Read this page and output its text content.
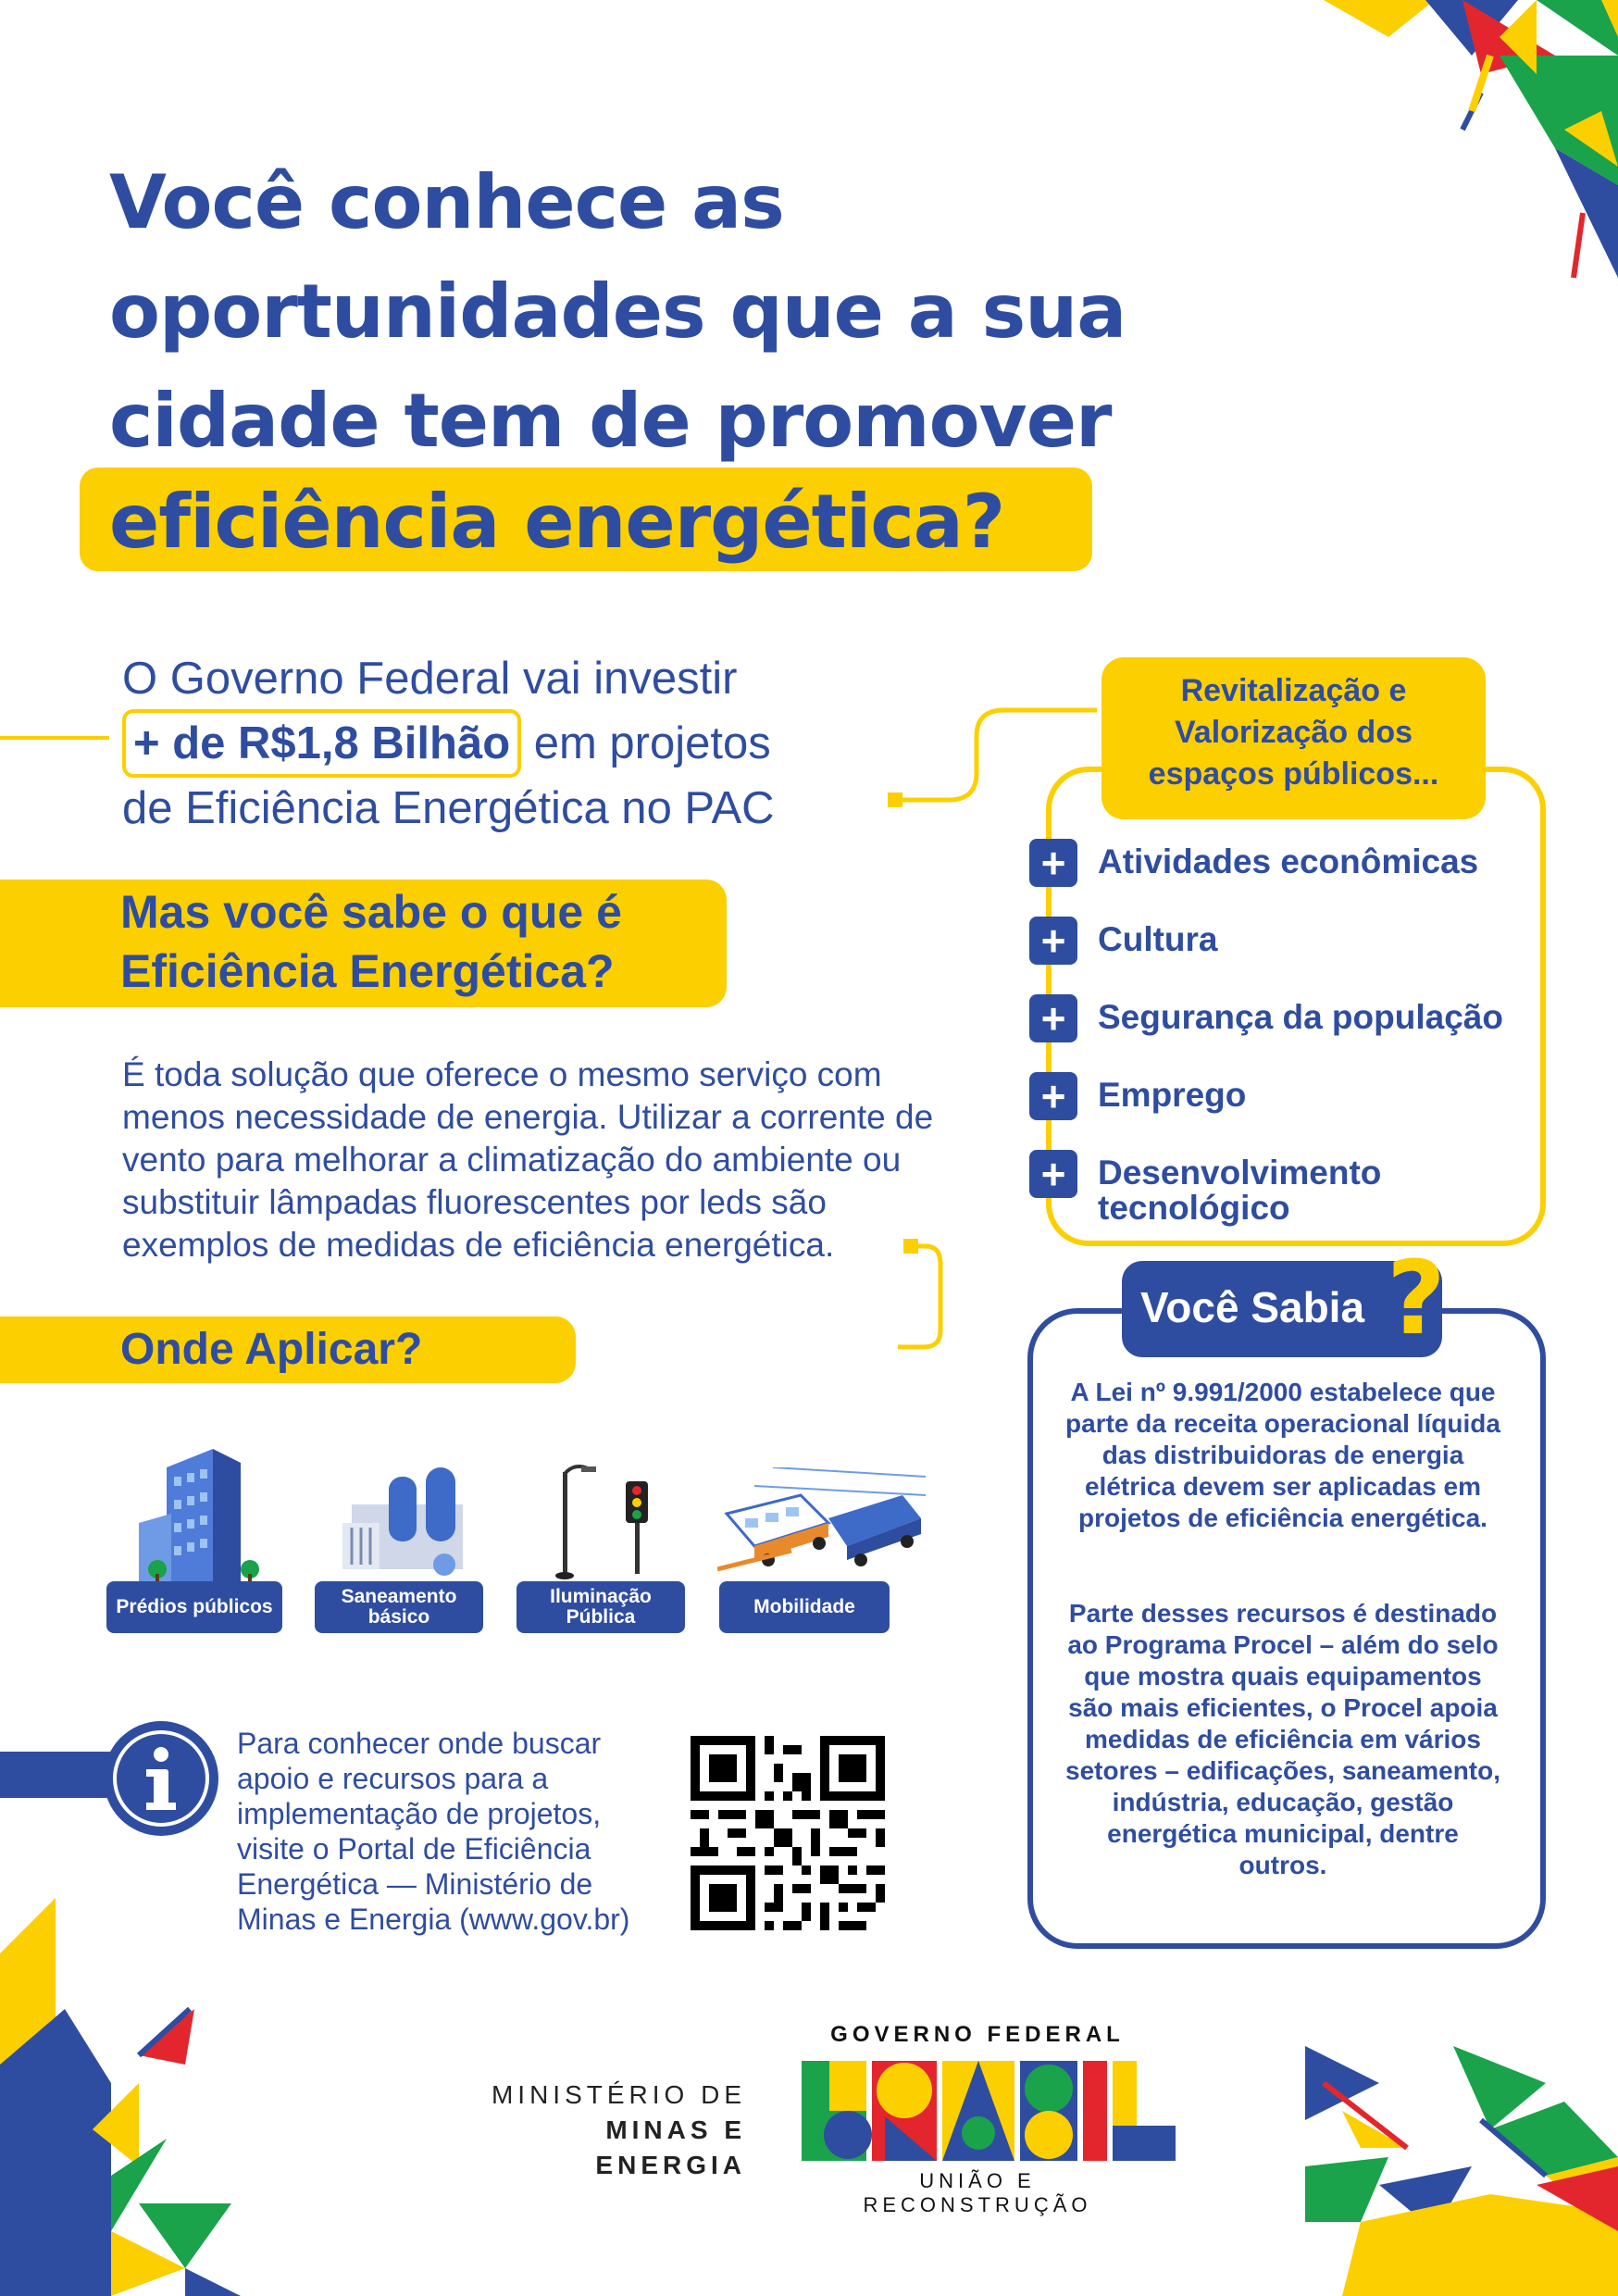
Você conhece as
oportunidades que a sua
cidade tem de promover
eficiência energética?
O Governo Federal vai investir
+ de R$1,8 Bilhão em projetos
de Eficiência Energética no PAC
Mas você sabe o que é
Eficiência Energética?
É toda solução que oferece o mesmo serviço com menos necessidade de energia. Utilizar a corrente de vento para melhorar a climatização do ambiente ou substituir lâmpadas fluorescentes por leds são exemplos de medidas de eficiência energética.
Onde Aplicar?
Prédios públicos	Saneamento básico
Iluminação Pública	Mobilidade
Revitalização e Valorização dos espaços públicos...
+ Atividades econômicas
+ Cultura
+ Segurança da população
+ Emprego
+ Desenvolvimento tecnológico
Você Sabia ?
A Lei nº 9.991/2000 estabelece que parte da receita operacional líquida das distribuidoras de energia elétrica devem ser aplicadas em projetos de eficiência energética.
Parte desses recursos é destinado ao Programa Procel – além do selo que mostra quais equipamentos são mais eficientes, o Procel apoia medidas de eficiência em vários setores – edificações, saneamento, indústria, educação, gestão energética municipal, dentre outros.
Para conhecer onde buscar apoio e recursos para a implementação de projetos, visite o Portal de Eficiência Energética — Ministério de Minas e Energia (www.gov.br)
MINISTÉRIO DE
MINAS E ENERGIA
GOVERNO FEDERAL
UNIÃO E RECONSTRUÇÃO
